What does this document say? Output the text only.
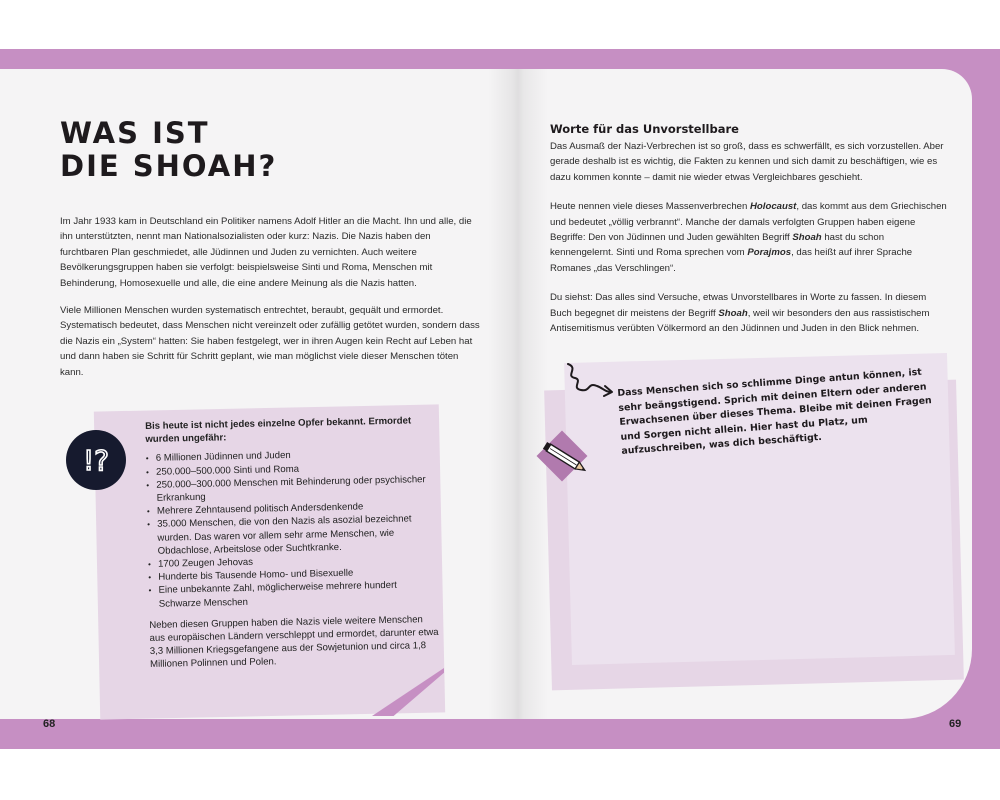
WAS IST
DIE SHOAH?

Im Jahr 1933 kam in Deutschland ein Politiker namens Adolf Hitler an die Macht. Ihn und alle, die ihn unterstützten, nennt man Nationalsozialisten oder kurz: Nazis. Die Nazis haben den furchtbaren Plan geschmiedet, alle Jüdinnen und Juden zu vernichten. Auch weitere Bevölkerungsgruppen haben sie verfolgt: beispielsweise Sinti und Roma, Menschen mit Behinderung, Homosexuelle und alle, die eine andere Meinung als die Nazis hatten.

Viele Millionen Menschen wurden systematisch entrechtet, beraubt, gequält und ermordet. Systematisch bedeutet, dass Menschen nicht vereinzelt oder zufällig getötet wurden, sondern dass die Nazis ein „System“ hatten: Sie haben festgelegt, wer in ihren Augen kein Recht auf Leben hat und dann haben sie Schritt für Schritt geplant, wie man möglichst viele dieser Menschen töten kann.

!?

Bis heute ist nicht jedes einzelne Opfer bekannt. Ermordet wurden ungefähr:

• 6 Millionen Jüdinnen und Juden
• 250.000–500.000 Sinti und Roma
• 250.000–300.000 Menschen mit Behinderung oder psychischer Erkrankung
• Mehrere Zehntausend politisch Andersdenkende
• 35.000 Menschen, die von den Nazis als asozial bezeichnet wurden. Das waren vor allem sehr arme Menschen, wie Obdachlose, Arbeitslose oder Suchtkranke.
• 1700 Zeugen Jehovas
• Hunderte bis Tausende Homo- und Bisexuelle
• Eine unbekannte Zahl, möglicherweise mehrere hundert Schwarze Menschen

Neben diesen Gruppen haben die Nazis viele weitere Menschen aus europäischen Ländern verschleppt und ermordet, darunter etwa 3,3 Millionen Kriegsgefangene aus der Sowjetunion und circa 1,8 Millionen Polinnen und Polen.

68
Worte für das Unvorstellbare

Das Ausmaß der Nazi-Verbrechen ist so groß, dass es schwerfällt, es sich vorzustellen. Aber gerade deshalb ist es wichtig, die Fakten zu kennen und sich damit zu beschäftigen, wie es dazu kommen konnte – damit nie wieder etwas Vergleichbares geschieht.

Heute nennen viele dieses Massenverbrechen Holocaust, das kommt aus dem Griechischen und bedeutet „völlig verbrannt“. Manche der damals verfolgten Gruppen haben eigene Begriffe: Den von Jüdinnen und Juden gewählten Begriff Shoah hast du schon kennengelernt. Sinti und Roma sprechen vom Porajmos, das heißt auf ihrer Sprache Romanes „das Verschlingen“.

Du siehst: Das alles sind Versuche, etwas Unvorstellbares in Worte zu fassen. In diesem Buch begegnet dir meistens der Begriff Shoah, weil wir besonders den aus rassistischem Antisemitismus verübten Völkermord an den Jüdinnen und Juden in den Blick nehmen.

Dass Menschen sich so schlimme Dinge antun können, ist sehr beängstigend. Sprich mit deinen Eltern oder anderen Erwachsenen über dieses Thema. Bleibe mit deinen Fragen und Sorgen nicht allein. Hier hast du Platz, um aufzuschreiben, was dich beschäftigt.

69
